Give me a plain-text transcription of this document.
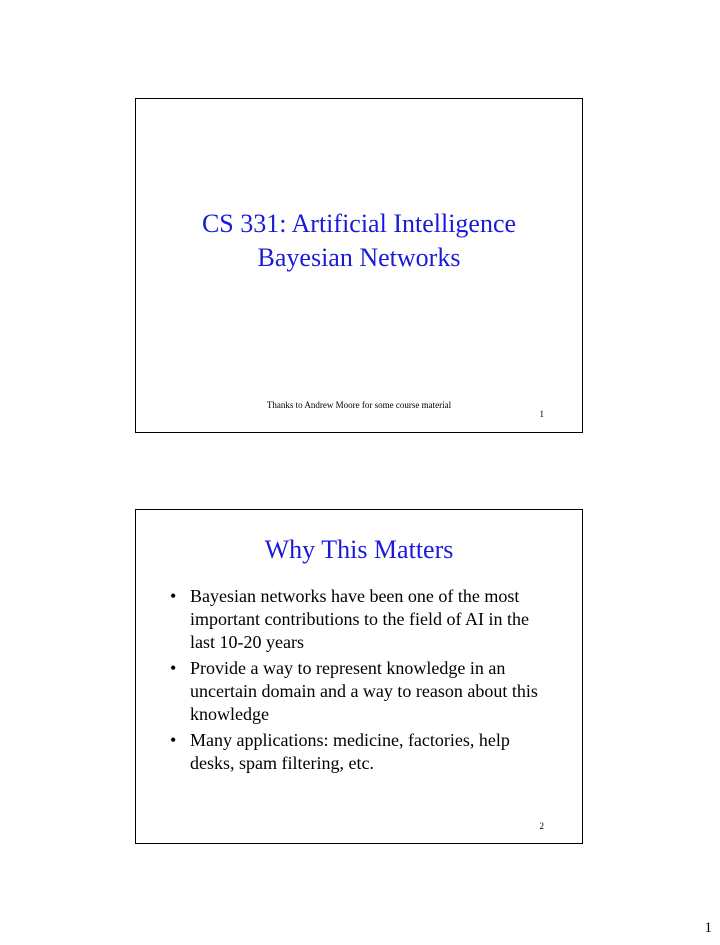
CS 331: Artificial Intelligence
Bayesian Networks
Thanks to Andrew Moore for some course material
1
Why This Matters
• Bayesian networks have been one of the most important contributions to the field of AI in the last 10-20 years
• Provide a way to represent knowledge in an uncertain domain and a way to reason about this knowledge
• Many applications: medicine, factories, help desks, spam filtering, etc.
2
1
